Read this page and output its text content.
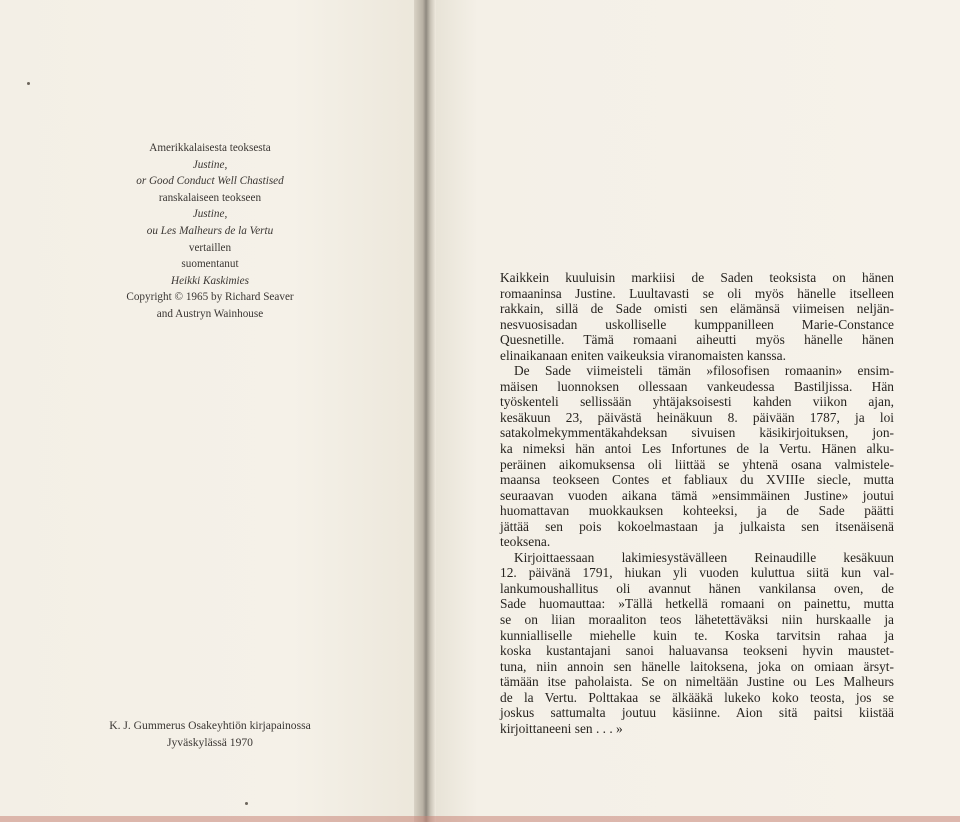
Amerikkalaisesta teoksesta
Justine,
or Good Conduct Well Chastised
ranskalaiseen teokseen
Justine,
ou Les Malheurs de la Vertu
vertaillen
suomentanut
Heikki Kaskimies
Copyright © 1965 by Richard Seaver
and Austryn Wainhouse
K. J. Gummerus Osakeyhtiön kirjapainossa
Jyväskylässä 1970
Kaikkein kuuluisin markiisi de Saden teoksista on hänen
romaaninsa Justine. Luultavasti se oli myös hänelle itselleen
rakkain, sillä de Sade omisti sen elämänsä viimeisen neljän-
nesvuosisadan uskolliselle kumppanilleen Marie-Constance
Quesnetille. Tämä romaani aiheutti myös hänelle hänen
elinaikanaan eniten vaikeuksia viranomaisten kanssa.
De Sade viimeisteli tämän »filosofisen romaanin» ensim-
mäisen luonnoksen ollessaan vankeudessa Bastiljissa. Hän
työskenteli sellissään yhtäjaksoisesti kahden viikon ajan,
kesäkuun 23, päivästä heinäkuun 8. päivään 1787, ja loi
satakolmekymmentäkahdeksan sivuisen käsikirjoituksen, jon-
ka nimeksi hän antoi Les Infortunes de la Vertu. Hänen alku-
peräinen aikomuksensa oli liittää se yhtenä osana valmistele-
maansa teokseen Contes et fabliaux du XVIIIe siecle, mutta
seuraavan vuoden aikana tämä »ensimmäinen Justine» joutui
huomattavan muokkauksen kohteeksi, ja de Sade päätti
jättää sen pois kokoelmastaan ja julkaista sen itsenäisenä
teoksena.
Kirjoittaessaan lakimiesystävälleen Reinaudille kesäkuun
12. päivänä 1791, hiukan yli vuoden kuluttua siitä kun val-
lankumoushallitus oli avannut hänen vankilansa oven, de
Sade huomauttaa: »Tällä hetkellä romaani on painettu, mutta
se on liian moraaliton teos lähetettäväksi niin hurskaalle ja
kunnialliselle miehelle kuin te. Koska tarvitsin rahaa ja
koska kustantajani sanoi haluavansa teokseni hyvin maustet-
tuna, niin annoin sen hänelle laitoksena, joka on omiaan ärsyt-
tämään itse paholaista. Se on nimeltään Justine ou Les Malheurs
de la Vertu. Polttakaa se älkääkä lukeko koko teosta, jos se
joskus sattumalta joutuu käsiinne. Aion sitä paitsi kiistää
kirjoittaneeni sen . . . »
